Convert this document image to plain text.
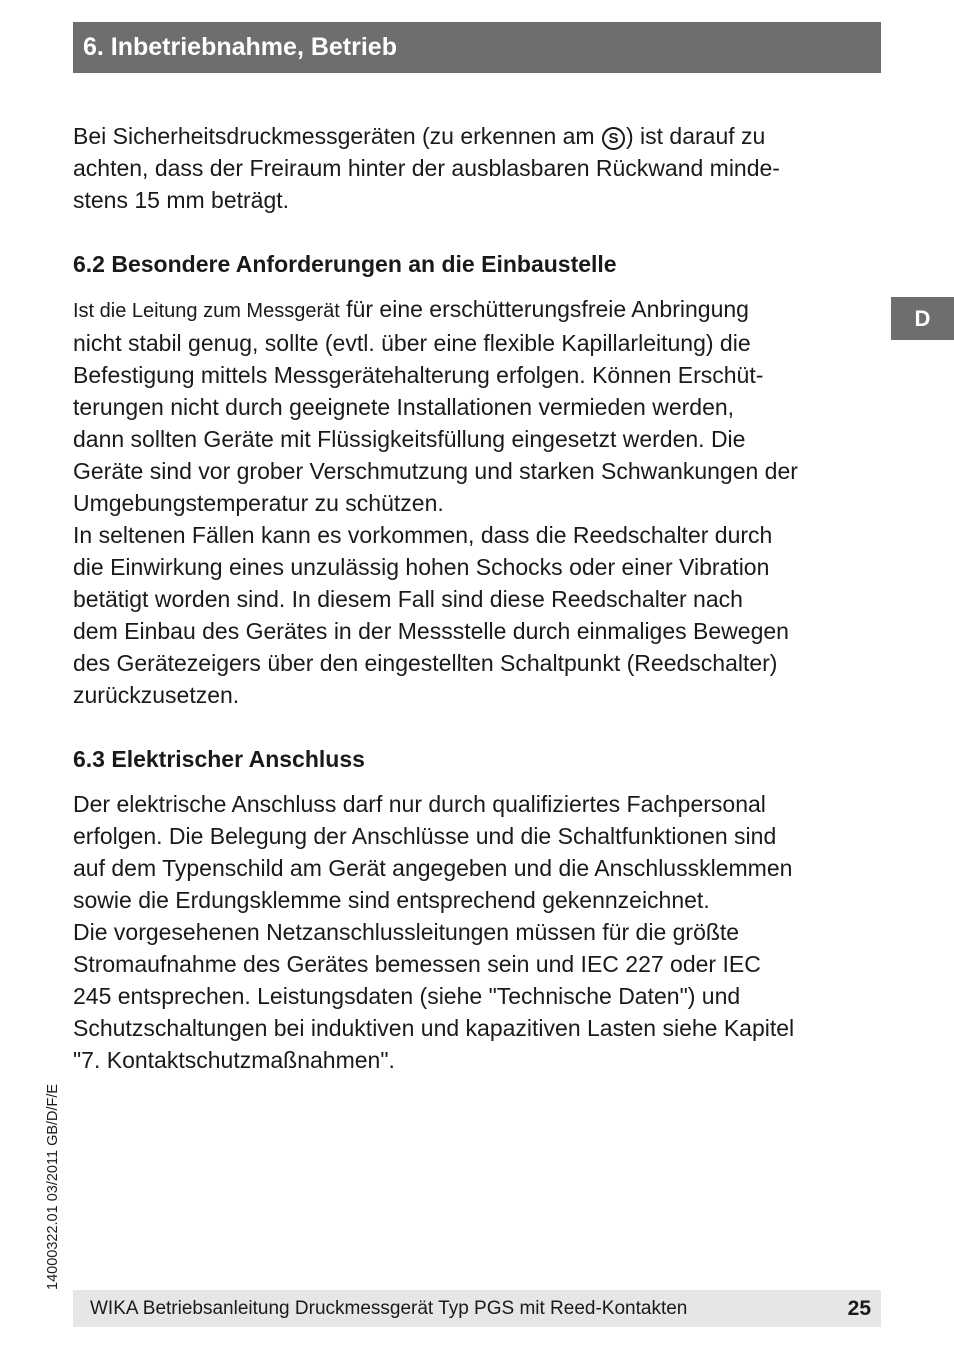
6. Inbetriebnahme, Betrieb
D

Bei Sicherheitsdruckmessgeräten (zu erkennen am S ) ist darauf zu
achten, dass der Freiraum hinter der ausblasbaren Rückwand minde-
stens 15 mm beträgt.

6.2 Besondere Anforderungen an die Einbaustelle

Ist die Leitung zum Messgerät für eine erschütterungsfreie Anbringung
nicht stabil genug, sollte (evtl. über eine flexible Kapillarleitung) die
Befestigung mittels Messgerätehalterung erfolgen. Können Erschüt-
terungen nicht durch geeignete Installationen vermieden werden,
dann sollten Geräte mit Flüssigkeitsfüllung eingesetzt werden. Die
Geräte sind vor grober Verschmutzung und starken Schwankungen der
Umgebungstemperatur zu schützen.
In seltenen Fällen kann es vorkommen, dass die Reedschalter durch
die Einwirkung eines unzulässig hohen Schocks oder einer Vibration
betätigt worden sind. In diesem Fall sind diese Reedschalter nach
dem Einbau des Gerätes in der Messstelle durch einmaliges Bewegen
des Gerätezeigers über den eingestellten Schaltpunkt (Reedschalter)
zurückzusetzen.

6.3 Elektrischer Anschluss

Der elektrische Anschluss darf nur durch qualifiziertes Fachpersonal
erfolgen. Die Belegung der Anschlüsse und die Schaltfunktionen sind
auf dem Typenschild am Gerät angegeben und die Anschlussklemmen
sowie die Erdungsklemme sind entsprechend gekennzeichnet.
Die vorgesehenen Netzanschlussleitungen müssen für die größte
Stromaufnahme des Gerätes bemessen sein und IEC 227 oder IEC
245 entsprechen. Leistungsdaten (siehe "Technische Daten") und
Schutzschaltungen bei induktiven und kapazitiven Lasten siehe Kapitel
"7. Kontaktschutzmaßnahmen".

14000322.01 03/2011 GB/D/F/E
WIKA Betriebsanleitung Druckmessgerät Typ PGS mit Reed-Kontakten	25
